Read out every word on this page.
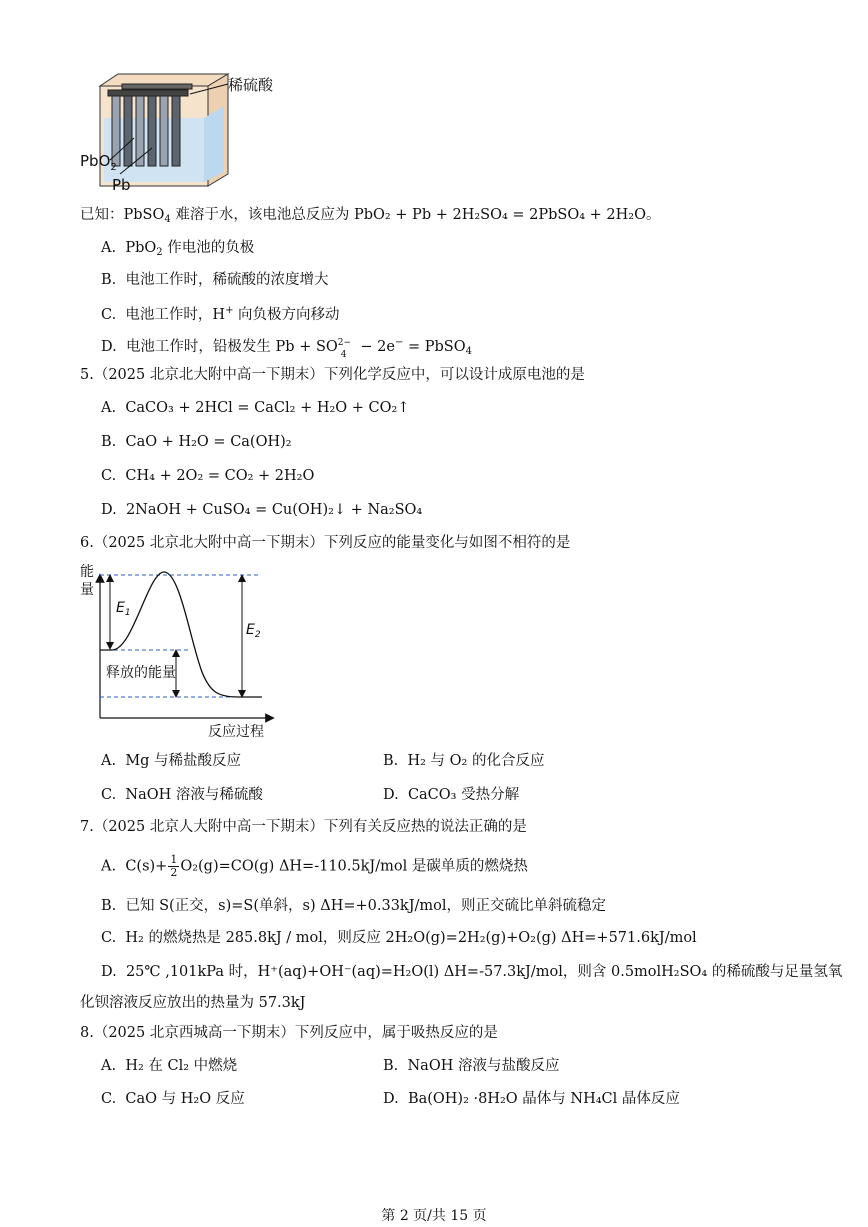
稀硫酸
PbO$_2$
Pb
已知：PbSO$_4$ 难溶于水，该电池总反应为 PbO₂ + Pb + 2H₂SO₄ = 2PbSO₄ + 2H₂O。
A. PbO$_2$ 作电池的负极
B. 电池工作时，稀硫酸的浓度增大
C. 电池工作时，H+ 向负极方向移动
D. 电池工作时，铅极发生 Pb + SO 2−
4 − 2e− = PbSO$_4$
5.（2025 北京北大附中高一下期末）下列化学反应中，可以设计成原电池的是
A. CaCO₃ + 2HCl = CaCl₂ + H₂O + CO₂↑
B. CaO + H₂O = Ca(OH)₂
C. CH₄ + 2O₂ = CO₂ + 2H₂O
D. 2NaOH + CuSO₄ = Cu(OH)₂↓ + Na₂SO₄
6.（2025 北京北大附中高一下期末）下列反应的能量变化与如图不相符的是
能
量
$E_1$
$E_2$
释放的能量
反应过程
A. Mg 与稀盐酸反应	B. H₂ 与 O₂ 的化合反应
C. NaOH 溶液与稀硫酸	D. CaCO₃ 受热分解
7.（2025 北京人大附中高一下期末）下列有关反应热的说法正确的是
A. $C(s)+ \frac{1}{2} O_2(g)=CO(g)$ ΔH=-110.5kJ/mol 是碳单质的燃烧热
B. 已知 S(正交，s)=S(单斜，s) ΔH=+0.33kJ/mol，则正交硫比单斜硫稳定
C. H₂ 的燃烧热是 285.8kJ / mol，则反应 2H₂O(g)=2H₂(g)+O₂(g) ΔH=+571.6kJ/mol
D. 25℃ ,101kPa 时，H⁺(aq)+OH⁻(aq)=H₂O(l) ΔH=-57.3kJ/mol，则含 0.5molH₂SO₄ 的稀硫酸与足量氢氧
化钡溶液反应放出的热量为 57.3kJ
8.（2025 北京西城高一下期末）下列反应中，属于吸热反应的是
A. H₂ 在 Cl₂ 中燃烧	B. NaOH 溶液与盐酸反应
C. CaO 与 H₂O 反应	D. Ba(OH)₂ ·8H₂O 晶体与 NH₄Cl 晶体反应
第 2 页/共 15 页
